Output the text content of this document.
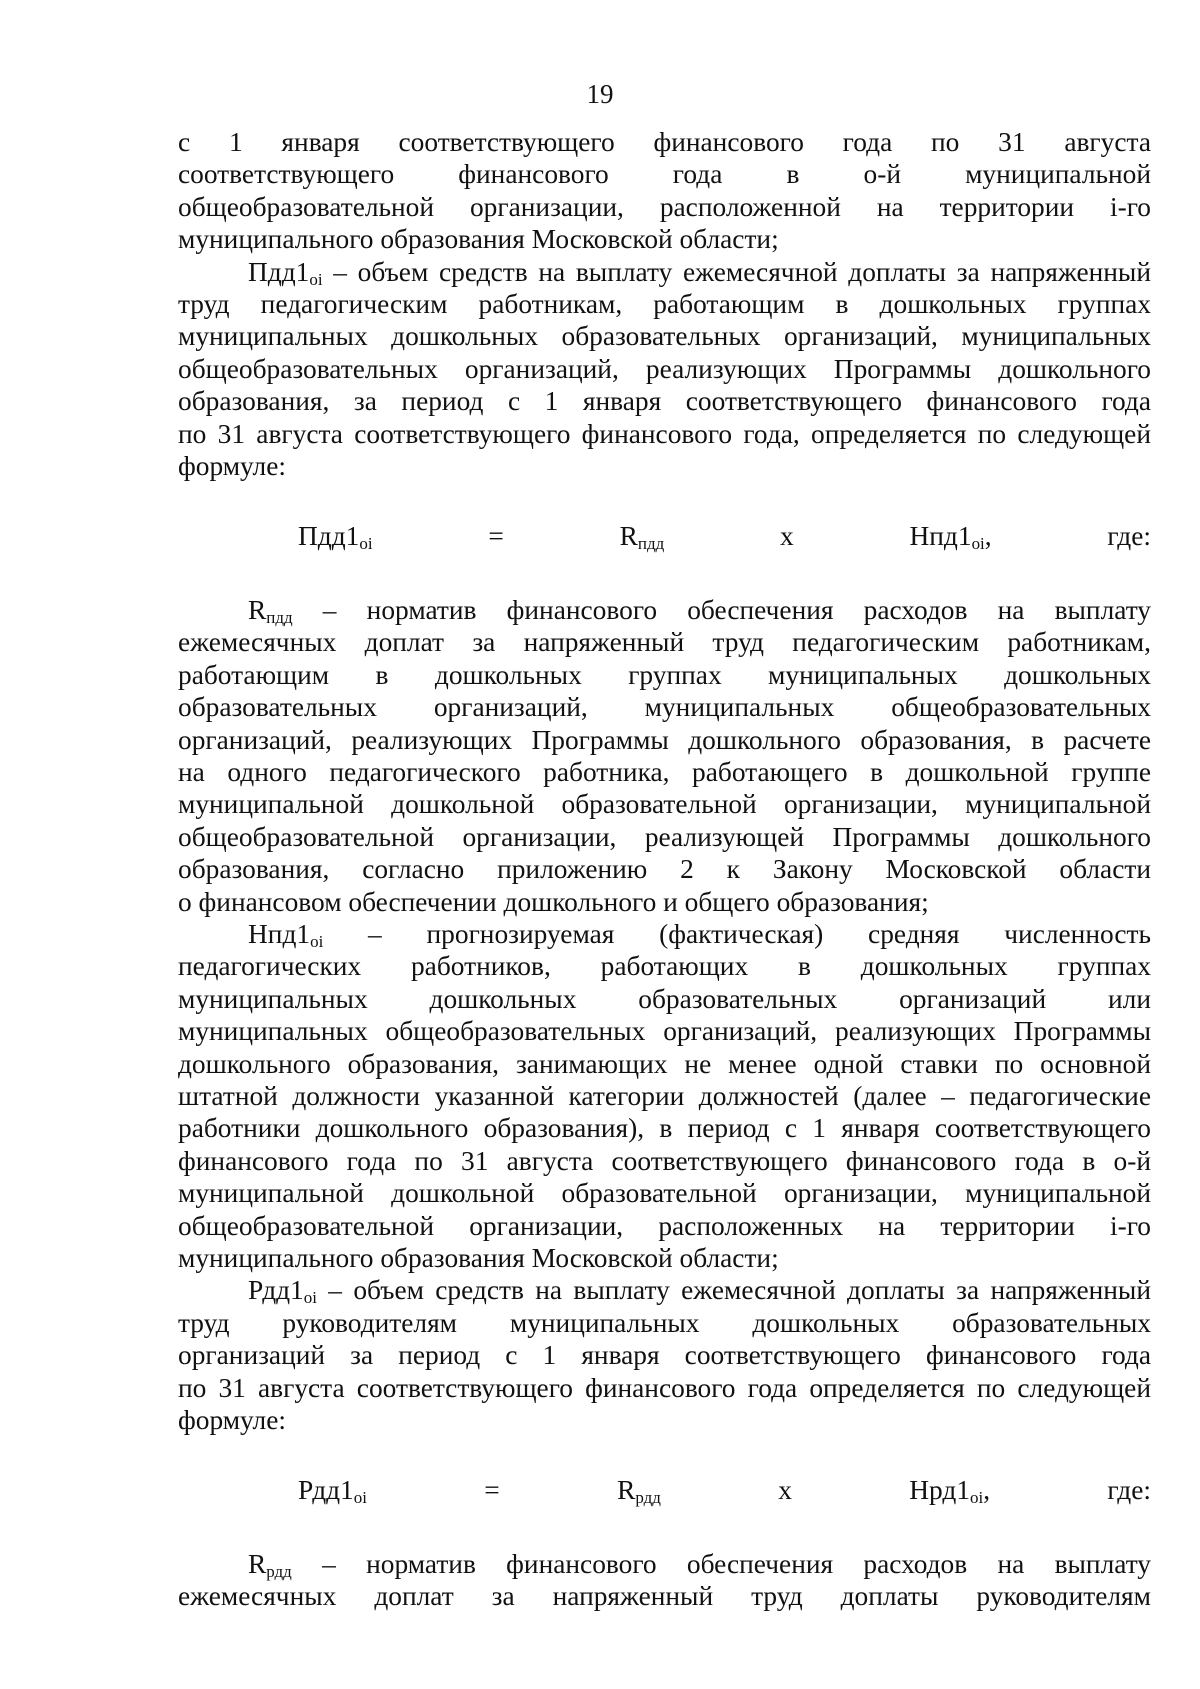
19

с 1 января соответствующего финансового года по 31 августа

соответствующего финансового года в о-й муниципальной

общеобразовательной организации, расположенной на территории i-го

муниципального образования Московской области;

$Пдд1_{oi}$ – объем средств на выплату ежемесячной доплаты за напряженный

труд педагогическим работникам, работающим в дошкольных группах

муниципальных дошкольных образовательных организаций, муниципальных

общеобразовательных организаций, реализующих Программы дошкольного

образования, за период с 1 января соответствующего финансового года

по 31 августа соответствующего финансового года, определяется по следующей

формуле:

$Пдд1_{oi} = R_{пдд}$ x $Нпд1_{oi}$, где:

$R_{пдд}$ – норматив финансового обеспечения расходов на выплату

ежемесячных доплат за напряженный труд педагогическим работникам,

работающим в дошкольных группах муниципальных дошкольных

образовательных организаций, муниципальных общеобразовательных

организаций, реализующих Программы дошкольного образования, в расчете

на одного педагогического работника, работающего в дошкольной группе

муниципальной дошкольной образовательной организации, муниципальной

общеобразовательной организации, реализующей Программы дошкольного

образования, согласно приложению 2 к Закону Московской области

о финансовом обеспечении дошкольного и общего образования;

$Нпд1_{oi}$ – прогнозируемая (фактическая) средняя численность

педагогических работников, работающих в дошкольных группах

муниципальных дошкольных образовательных организаций или

муниципальных общеобразовательных организаций, реализующих Программы

дошкольного образования, занимающих не менее одной ставки по основной

штатной должности указанной категории должностей (далее – педагогические

работники дошкольного образования), в период с 1 января соответствующего

финансового года по 31 августа соответствующего финансового года в о-й

муниципальной дошкольной образовательной организации, муниципальной

общеобразовательной организации, расположенных на территории i-го

муниципального образования Московской области;

$Рдд1_{oi}$ – объем средств на выплату ежемесячной доплаты за напряженный

труд руководителям муниципальных дошкольных образовательных

организаций за период с 1 января соответствующего финансового года

по 31 августа соответствующего финансового года определяется по следующей

формуле:

$Рдд1_{oi} = R_{рдд}$ x $Нрд1_{oi}$, где:

$R_{рдд}$ – норматив финансового обеспечения расходов на выплату

ежемесячных доплат за напряженный труд доплаты руководителям
